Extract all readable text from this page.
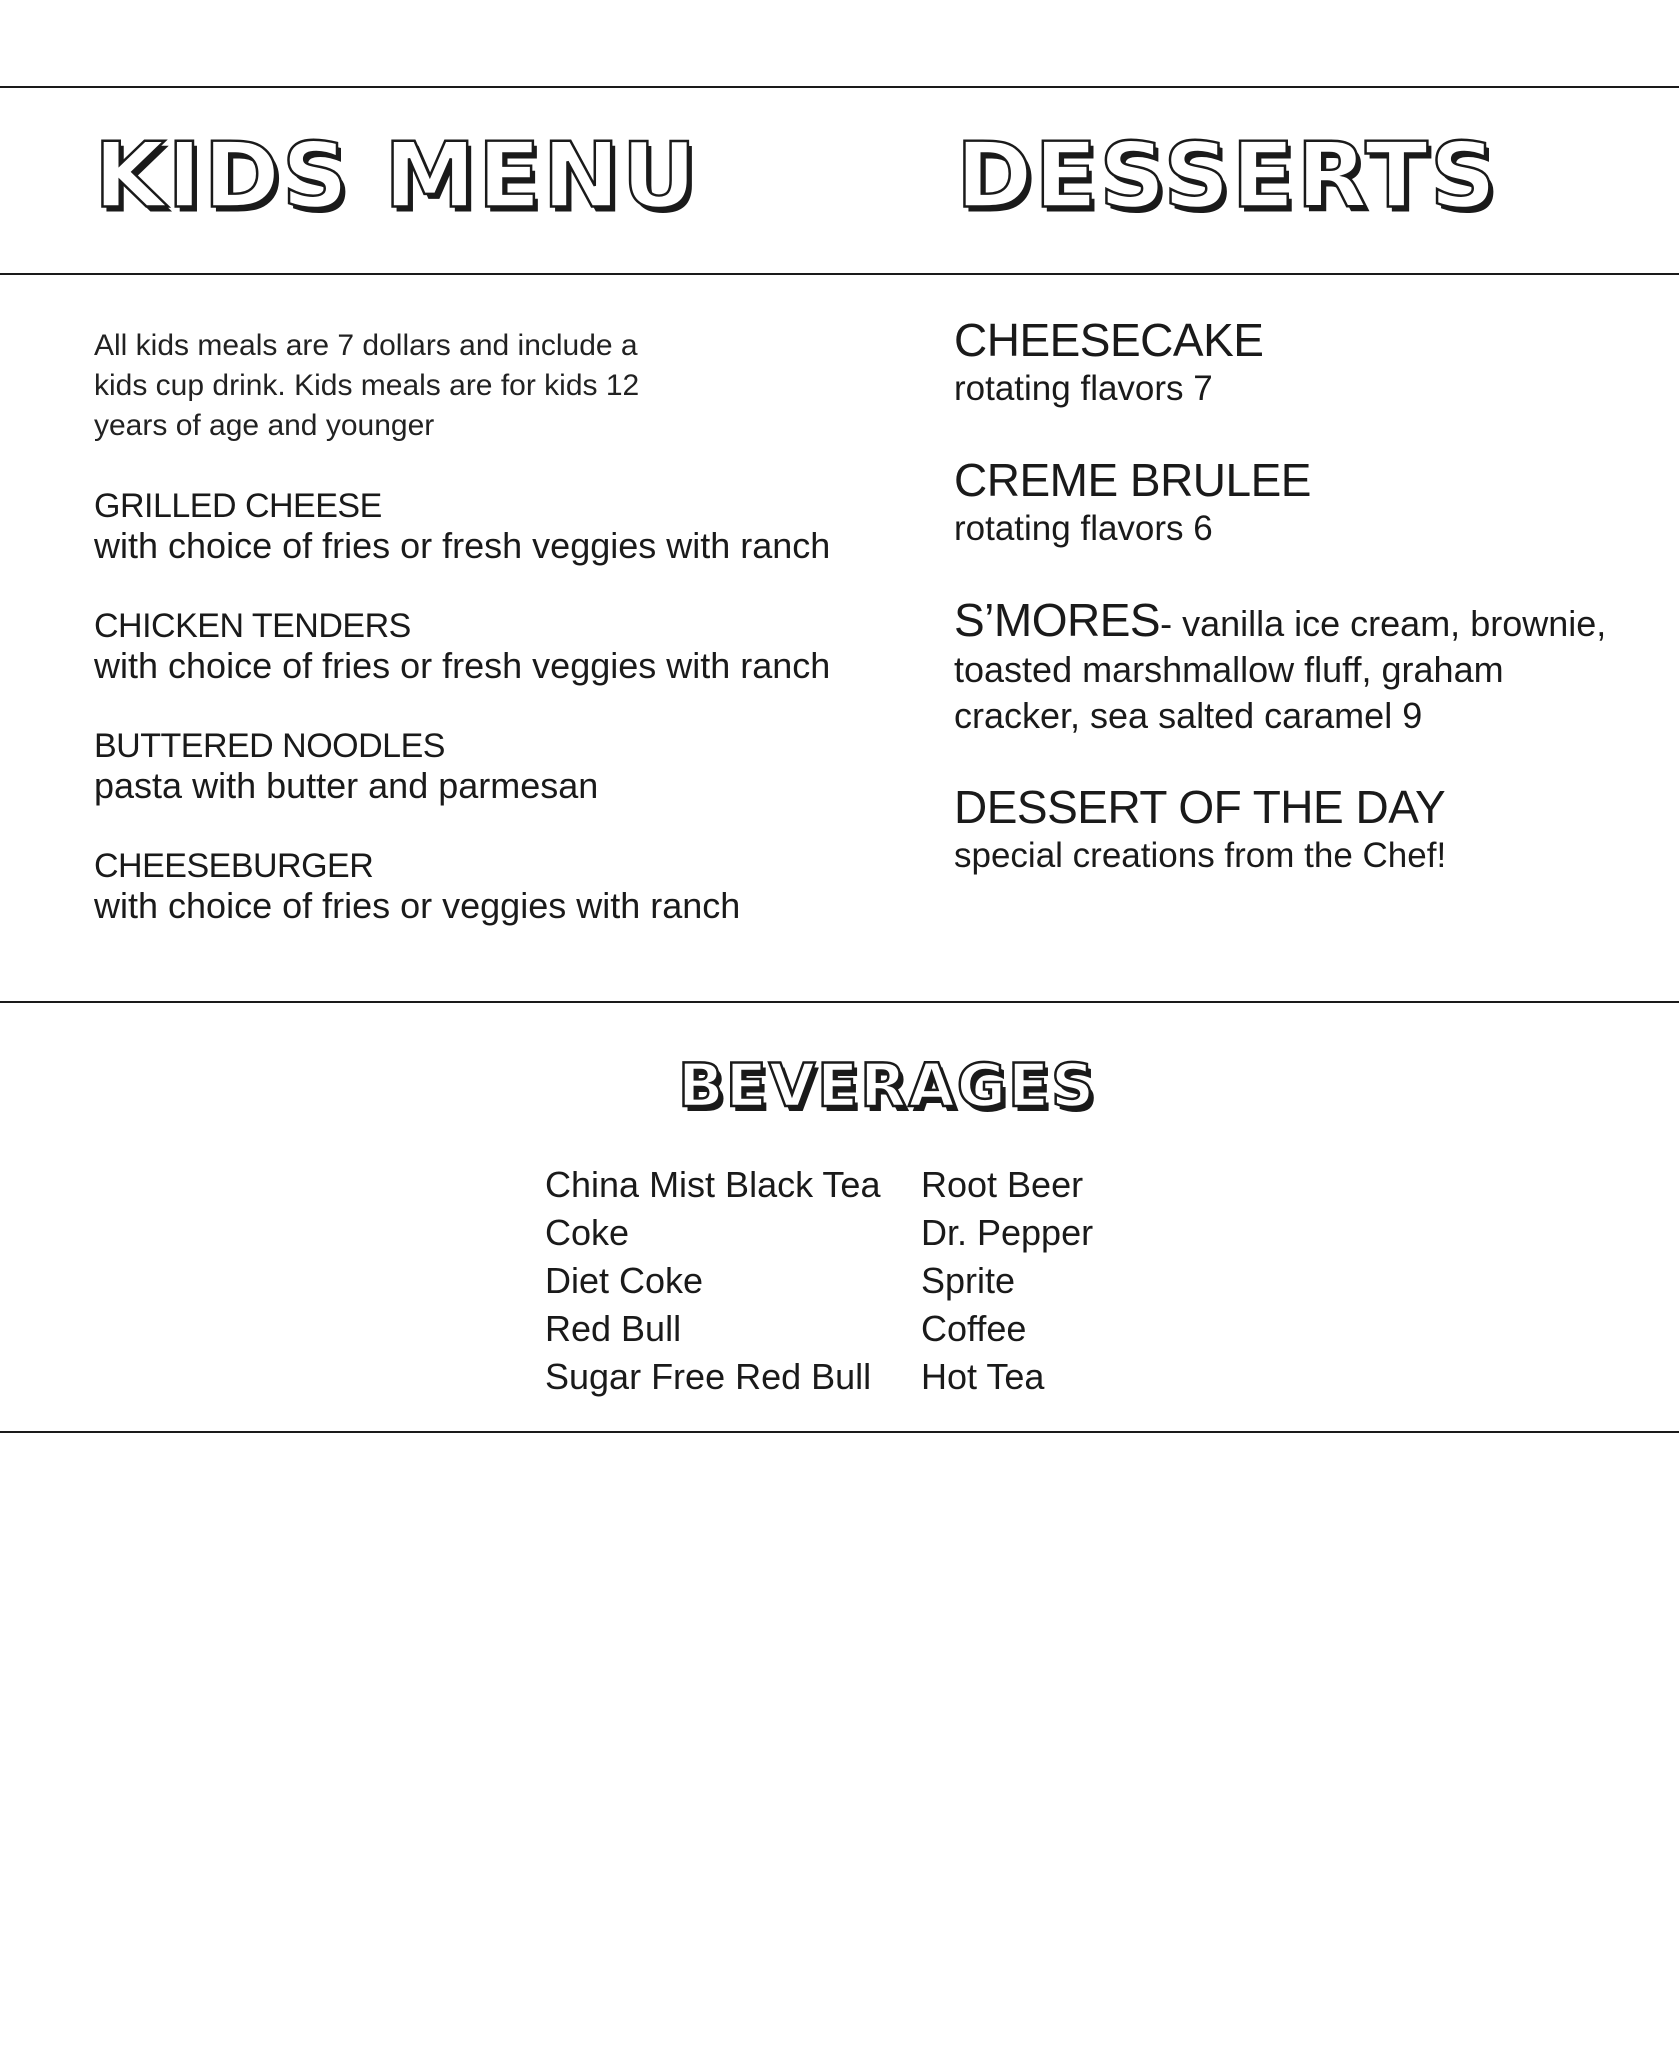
KIDS MENU	DESSERTS

All kids meals are 7 dollars and include a kids cup drink. Kids meals are for kids 12 years of age and younger

GRILLED CHEESE
with choice of fries or fresh veggies with ranch
CHICKEN TENDERS
with choice of fries or fresh veggies with ranch
BUTTERED NOODLES
pasta with butter and parmesan
CHEESEBURGER
with choice of fries or veggies with ranch
CHEESECAKE
rotating flavors 7
CREME BRULEE
rotating flavors 6
S’MORES- vanilla ice cream, brownie, toasted marshmallow fluff, graham cracker, sea salted caramel 9
DESSERT OF THE DAY
special creations from the Chef!
BEVERAGES
China Mist Black Tea
Coke
Diet Coke
Red Bull
Sugar Free Red Bull
Root Beer
Dr. Pepper
Sprite
Coffee
Hot Tea
